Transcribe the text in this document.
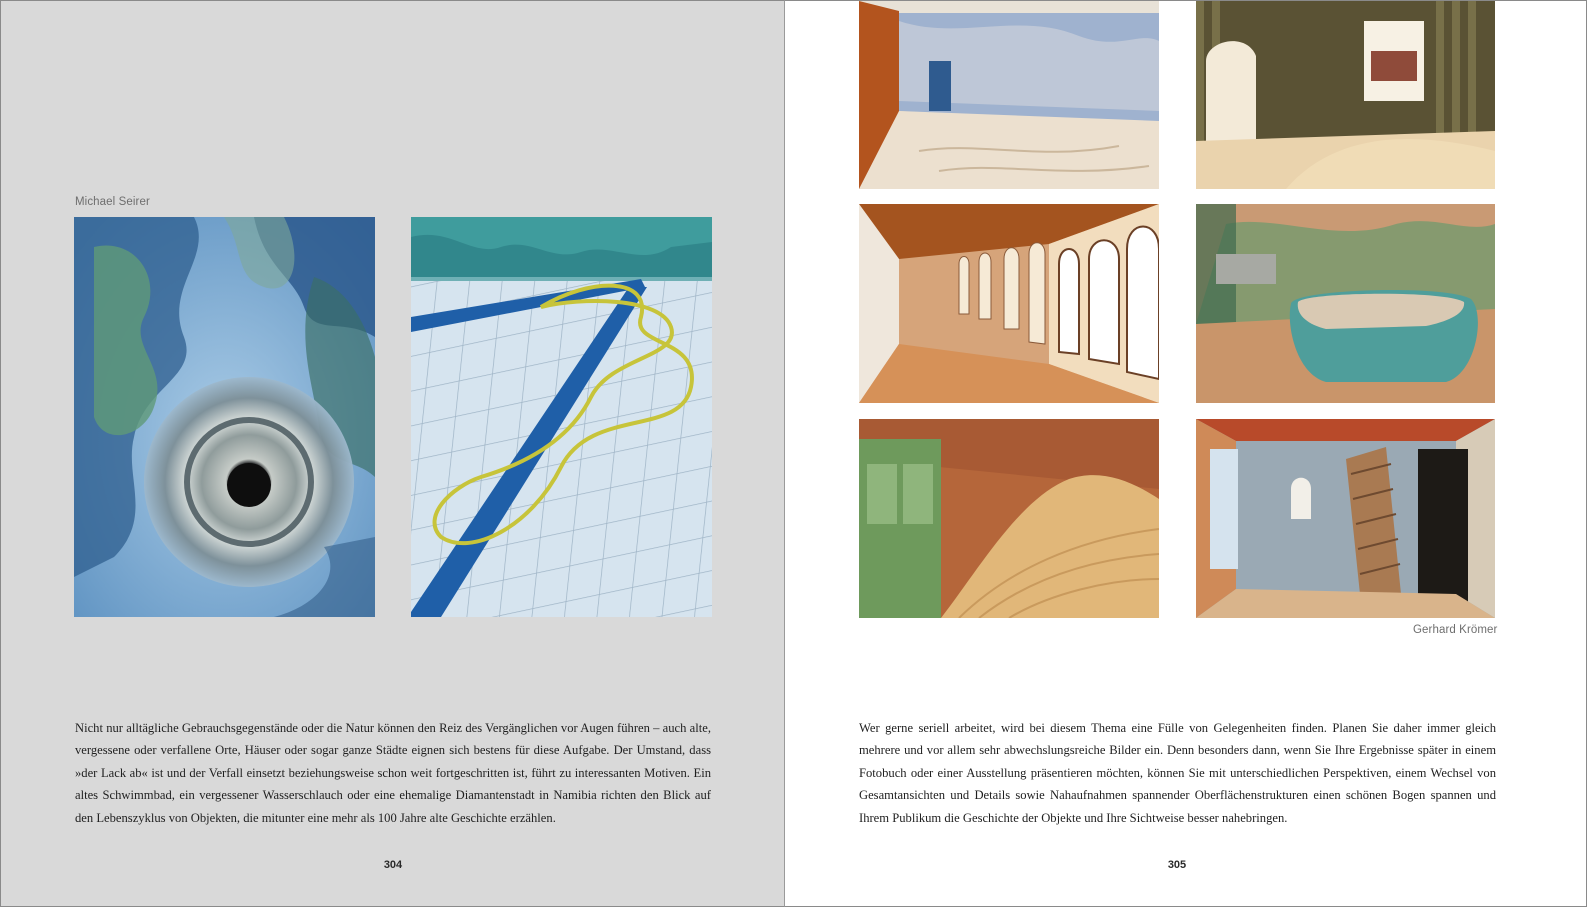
Michael Seirer

Nicht nur alltägliche Gebrauchsgegenstände oder die Natur können den Reiz des Vergänglichen vor Augen führen – auch alte, vergessene oder verfallene Orte, Häuser oder sogar ganze Städte eignen sich bestens für diese Aufgabe. Der Umstand, dass »der Lack ab« ist und der Verfall einsetzt beziehungsweise schon weit fortgeschritten ist, führt zu interessanten Motiven. Ein altes Schwimmbad, ein vergessener Wasserschlauch oder eine ehemalige Diamantenstadt in Namibia richten den Blick auf den Lebenszyklus von Objekten, die mitunter eine mehr als 100 Jahre alte Geschichte erzählen.

304
Gerhard Krömer

Wer gerne seriell arbeitet, wird bei diesem Thema eine Fülle von Gelegenheiten finden. Planen Sie daher immer gleich mehrere und vor allem sehr abwechslungsreiche Bilder ein. Denn besonders dann, wenn Sie Ihre Ergebnisse später in einem Fotobuch oder einer Ausstellung präsentieren möchten, können Sie mit unterschiedlichen Perspektiven, einem Wechsel von Gesamtansichten und Details sowie Nahaufnahmen spannender Oberflächenstrukturen einen schönen Bogen spannen und Ihrem Publikum die Geschichte der Objekte und Ihre Sichtweise besser nahebringen.

305
